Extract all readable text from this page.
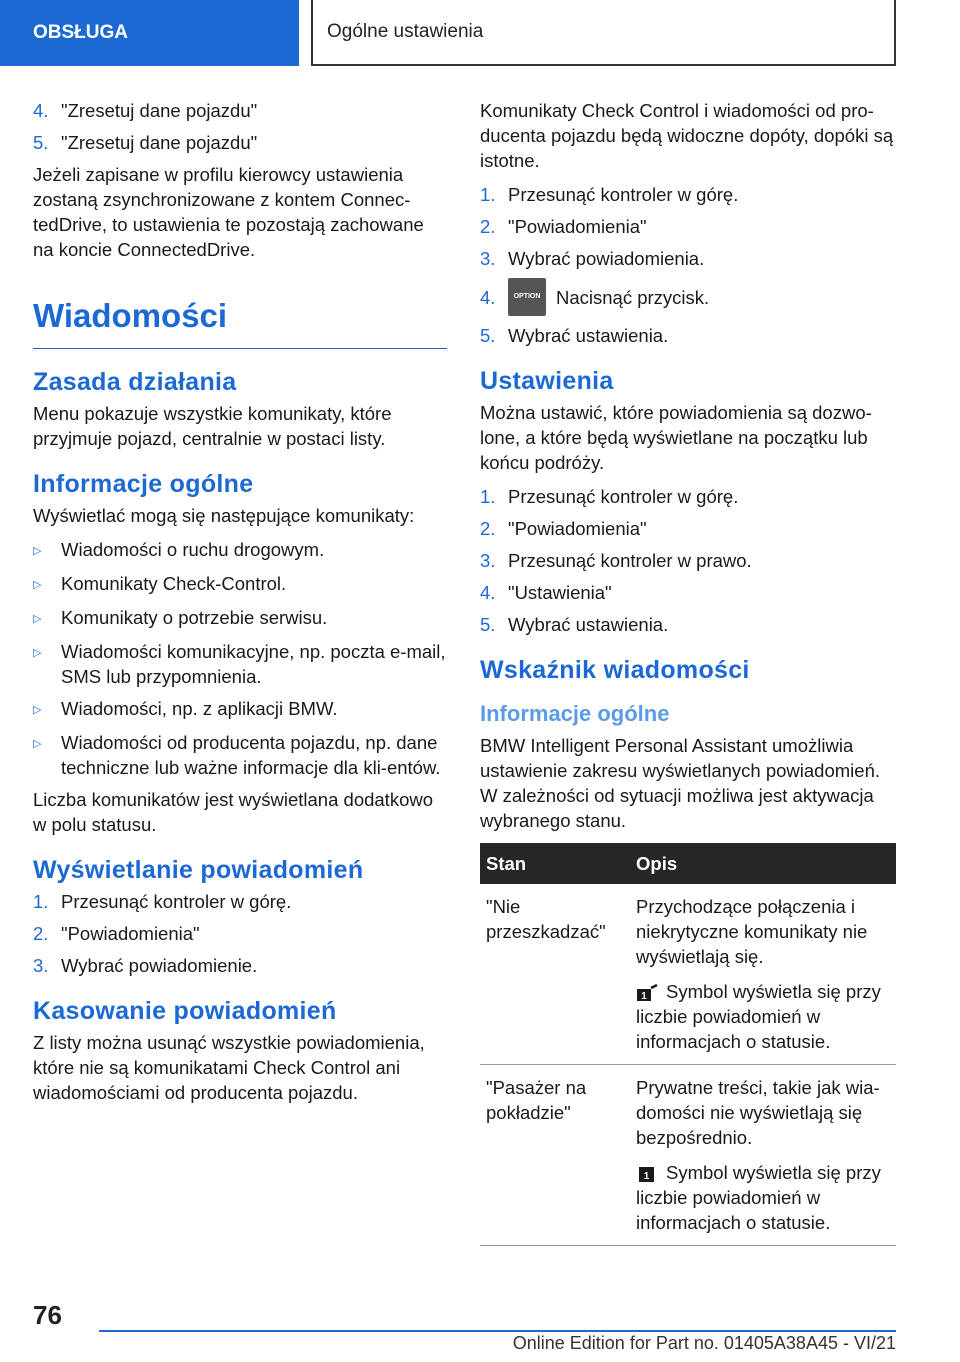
OBSŁUGA	Ogólne ustawienia
4. "Zresetuj dane pojazdu"
5. "Zresetuj dane pojazdu"

Jeżeli zapisane w profilu kierowcy ustawienia zostaną zsynchronizowane z kontem Connec-tedDrive, to ustawienia te pozostają zachowane na koncie ConnectedDrive.

Wiadomości
Zasada działania

Menu pokazuje wszystkie komunikaty, które przyjmuje pojazd, centralnie w postaci listy.

Informacje ogólne

Wyświetlać mogą się następujące komunikaty:

▷	Wiadomości o ruchu drogowym.
▷	Komunikaty Check-Control.
▷	Komunikaty o potrzebie serwisu.
▷	Wiadomości komunikacyjne, np. poczta e-mail, SMS lub przypomnienia.
▷	Wiadomości, np. z aplikacji BMW.
▷	Wiadomości od producenta pojazdu, np. dane techniczne lub ważne informacje dla kli-entów.

Liczba komunikatów jest wyświetlana dodatkowo w polu statusu.

Wyświetlanie powiadomień
1. Przesunąć kontroler w górę.
2. "Powiadomienia"
3. Wybrać powiadomienie.
Kasowanie powiadomień

Z listy można usunąć wszystkie powiadomienia, które nie są komunikatami Check Control ani wiadomościami od producenta pojazdu.

Komunikaty Check Control i wiadomości od pro-ducenta pojazdu będą widoczne dopóty, dopóki są istotne.

1. Przesunąć kontroler w górę.
2. "Powiadomienia"
3. Wybrać powiadomienia.
4.	OPTION Nacisnąć przycisk.
5. Wybrać ustawienia.
Ustawienia

Można ustawić, które powiadomienia są dozwo-lone, a które będą wyświetlane na początku lub końcu podróży.

1. Przesunąć kontroler w górę.
2. "Powiadomienia"
3. Przesunąć kontroler w prawo.
4. "Ustawienia"
5. Wybrać ustawienia.
Wskaźnik wiadomości
Informacje ogólne

BMW Intelligent Personal Assistant umożliwia ustawienie zakresu wyświetlanych powiadomień. W zależności od sytuacji możliwa jest aktywacja wybranego stanu.

Stan	Opis
"Nie przeszkadzać"	Przychodzące połączenia i niekrytyczne komunikaty nie wyświetlają się.

1 Symbol wyświetla się przy liczbie powiadomień w informacjach o statusie.

"Pasażer na pokładzie"	Prywatne treści, takie jak wia-domości nie wyświetlają się bezpośrednio.

1 Symbol wyświetla się przy liczbie powiadomień w informacjach o statusie.
76
Online Edition for Part no. 01405A38A45 - VI/21
